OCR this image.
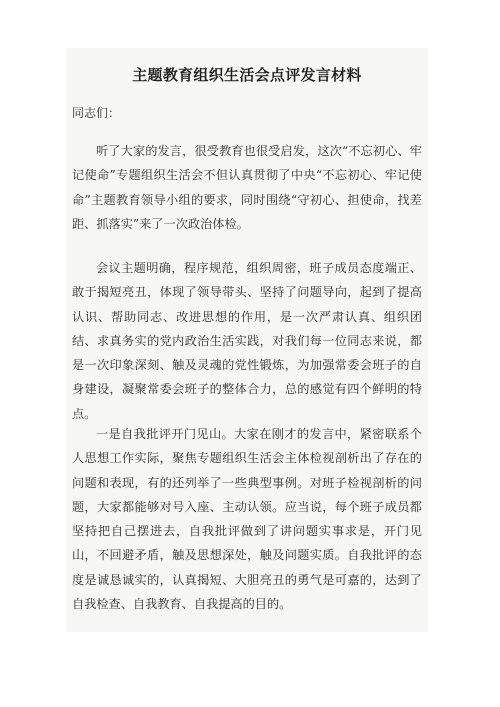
主题教育组织生活会点评发言材料
同志们：

听了大家的发言，很受教育也很受启发，这次“不忘初心、牢记使命”专题组织生活会不但认真贯彻了中央“不忘初心、牢记使命”主题教育领导小组的要求，同时围绕“守初心、担使命，找差距、抓落实”来了一次政治体检。

会议主题明确，程序规范，组织周密，班子成员态度端正、敢于揭短亮丑，体现了领导带头、坚持了问题导向，起到了提高认识、帮助同志、改进思想的作用，是一次严肃认真、组织团结、求真务实的党内政治生活实践，对我们每一位同志来说，都是一次印象深刻、触及灵魂的党性锻炼，为加强常委会班子的自身建设，凝聚常委会班子的整体合力，总的感觉有四个鲜明的特点。

一是自我批评开门见山。大家在刚才的发言中，紧密联系个人思想工作实际，聚焦专题组织生活会主体检视剖析出了存在的问题和表现，有的还列举了一些典型事例。对班子检视剖析的问题，大家都能够对号入座、主动认领。应当说，每个班子成员都坚持把自己摆进去，自我批评做到了讲问题实事求是，开门见山，不回避矛盾，触及思想深处，触及问题实质。自我批评的态度是诚恳诚实的，认真揭短、大胆亮丑的勇气是可嘉的，达到了自我检查、自我教育、自我提高的目的。
